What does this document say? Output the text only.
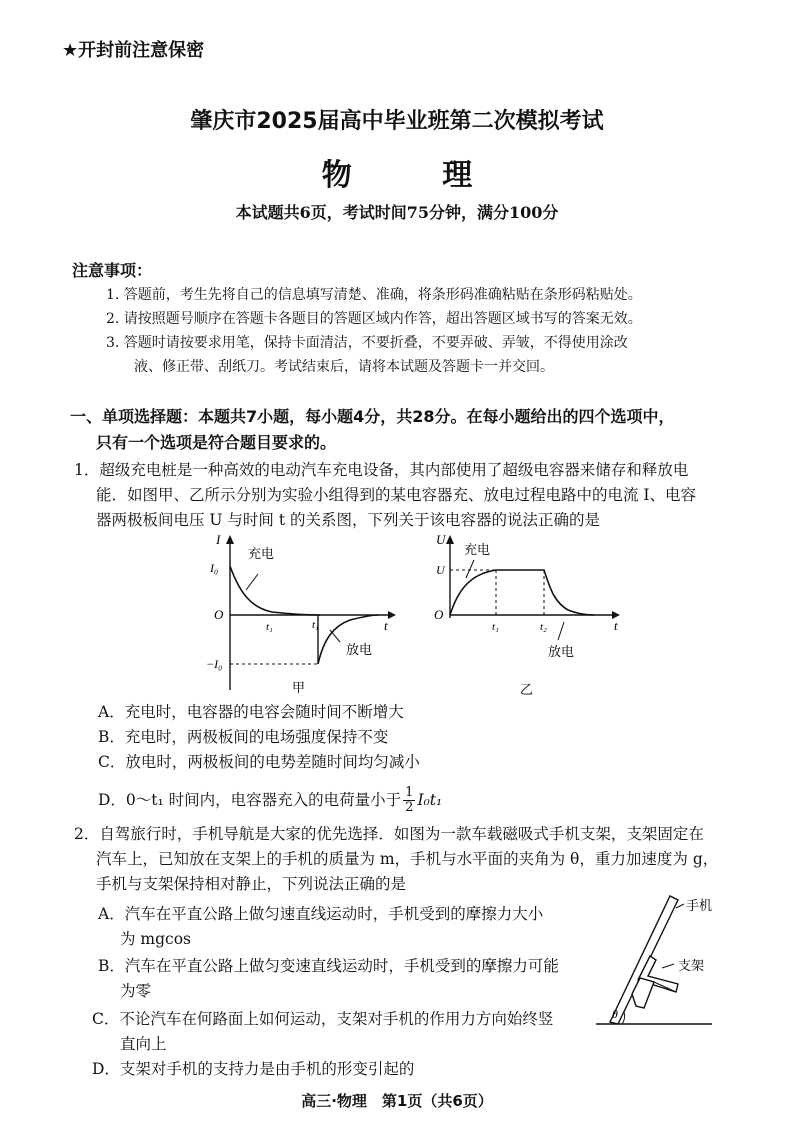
★开封前注意保密
肇庆市2025届高中毕业班第二次模拟考试
物 理
本试题共6页，考试时间75分钟，满分100分
注意事项：
1. 答题前，考生先将自己的信息填写清楚、准确，将条形码准确粘贴在条形码粘贴处。
2. 请按照题号顺序在答题卡各题目的答题区域内作答，超出答题区域书写的答案无效。
3. 答题时请按要求用笔，保持卡面清洁，不要折叠，不要弄破、弄皱，不得使用涂改
液、修正带、刮纸刀。考试结束后，请将本试题及答题卡一并交回。
一、单项选择题：本题共7小题，每小题4分，共28分。在每小题给出的四个选项中，
只有一个选项是符合题目要求的。
1．超级充电桩是一种高效的电动汽车充电设备，其内部使用了超级电容器来储存和释放电
能．如图甲、乙所示分别为实验小组得到的某电容器充、放电过程电路中的电流 I、电容
器两极板间电压 U 与时间 t 的关系图，下列关于该电容器的说法正确的是
I
t
O
I₀
−I₀
t₁	t₁
充电
放电
甲
U
t
O
U
t₁	t₂
充电
放电
乙
A．充电时，电容器的电容会随时间不断增大
B．充电时，两极板间的电场强度保持不变
C．放电时，两极板间的电势差随时间均匀减小
D．0～t₁ 时间内，电容器充入的电荷量小于 $\frac{1}{2} I_0t_1$
2．自驾旅行时，手机导航是大家的优先选择．如图为一款车载磁吸式手机支架，支架固定在
汽车上，已知放在支架上的手机的质量为 m，手机与水平面的夹角为 θ，重力加速度为 g，
手机与支架保持相对静止，下列说法正确的是
A．汽车在平直公路上做匀速直线运动时，手机受到的摩擦力大小
为 mgcos
B．汽车在平直公路上做匀变速直线运动时，手机受到的摩擦力可能
为零
C．不论汽车在何路面上如何运动，支架对手机的作用力方向始终竖
直向上
D．支架对手机的支持力是由手机的形变引起的
手机
支架
θ
高三·物理　第1页（共6页）
